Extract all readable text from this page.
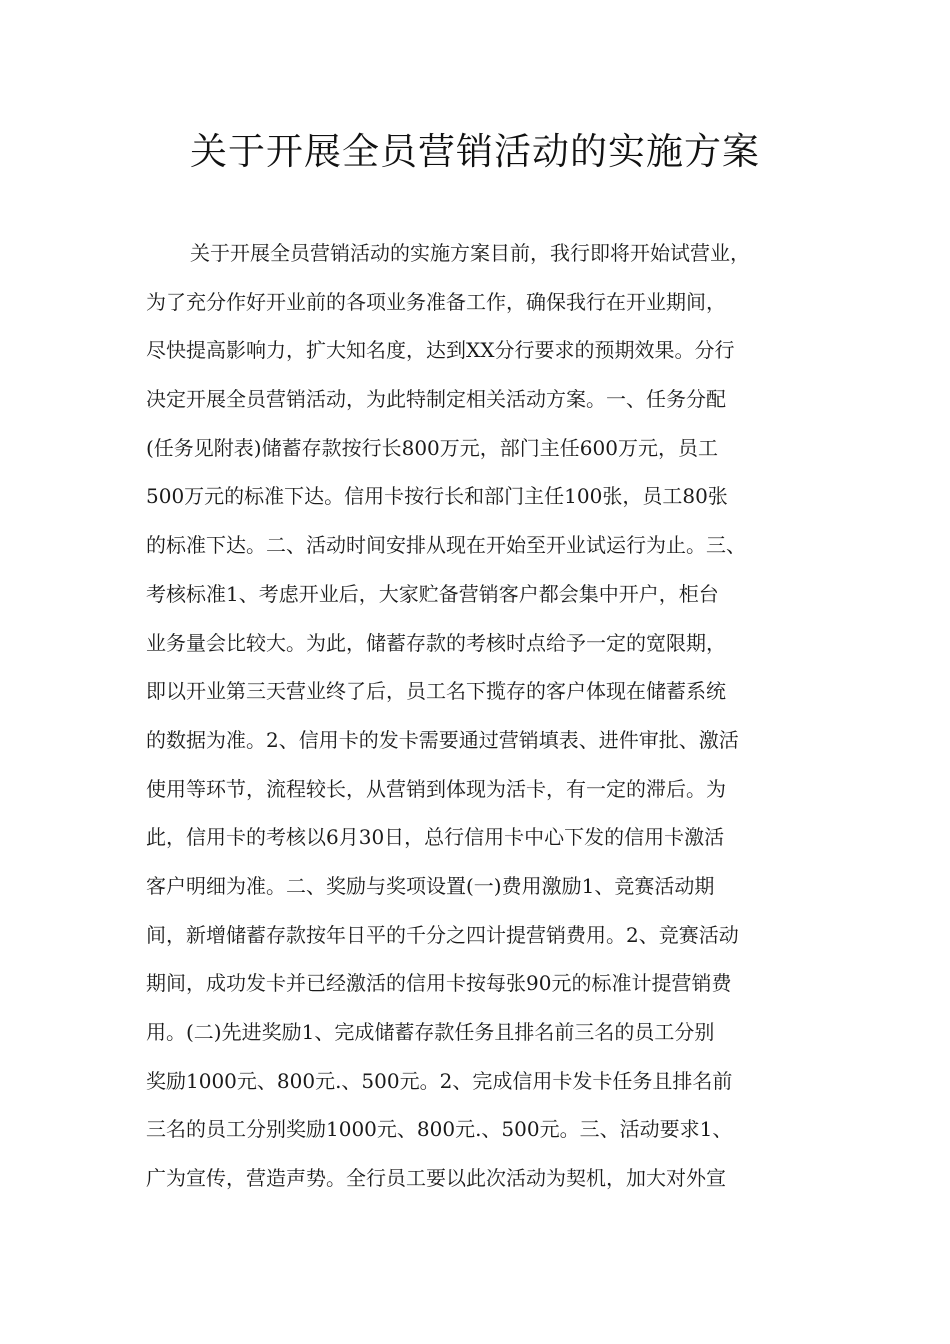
关于开展全员营销活动的实施方案
关于开展全员营销活动的实施方案目前，我行即将开始试营业，
为了充分作好开业前的各项业务准备工作，确保我行在开业期间，
尽快提高影响力，扩大知名度，达到XX分行要求的预期效果。分行
决定开展全员营销活动，为此特制定相关活动方案。一、任务分配
(任务见附表)储蓄存款按行长800万元，部门主任600万元，员工
500万元的标准下达。信用卡按行长和部门主任100张，员工80张
的标准下达。二、活动时间安排从现在开始至开业试运行为止。三、
考核标准1、考虑开业后，大家贮备营销客户都会集中开户，柜台
业务量会比较大。为此，储蓄存款的考核时点给予一定的宽限期，
即以开业第三天营业终了后，员工名下揽存的客户体现在储蓄系统
的数据为准。2、信用卡的发卡需要通过营销填表、进件审批、激活
使用等环节，流程较长，从营销到体现为活卡，有一定的滞后。为
此，信用卡的考核以6月30日，总行信用卡中心下发的信用卡激活
客户明细为准。二、奖励与奖项设置(一)费用激励1、竞赛活动期
间，新增储蓄存款按年日平的千分之四计提营销费用。2、竞赛活动
期间，成功发卡并已经激活的信用卡按每张90元的标准计提营销费
用。(二)先进奖励1、完成储蓄存款任务且排名前三名的员工分别
奖励1000元、800元.、500元。2、完成信用卡发卡任务且排名前
三名的员工分别奖励1000元、800元.、500元。三、活动要求1、
广为宣传，营造声势。全行员工要以此次活动为契机，加大对外宣
